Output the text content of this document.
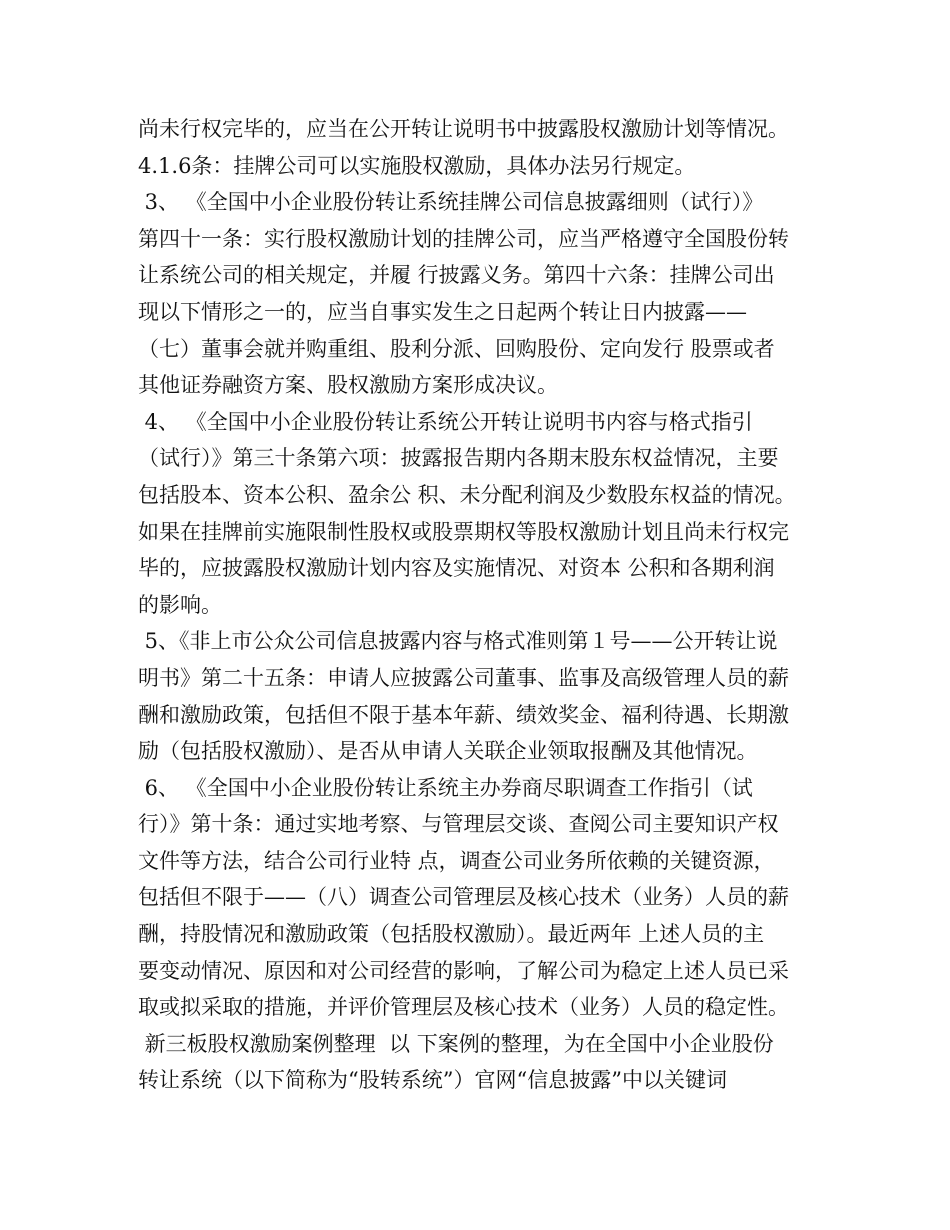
尚未行权完毕的，应当在公开转让说明书中披露股权激励计划等情况。
4.1.6条：挂牌公司可以实施股权激励，具体办法另行规定。
3、 《全国中小企业股份转让系统挂牌公司信息披露细则（试行）》
第四十一条：实行股权激励计划的挂牌公司，应当严格遵守全国股份转
让系统公司的相关规定，并履 行披露义务。第四十六条：挂牌公司出
现以下情形之一的，应当自事实发生之日起两个转让日内披露——
（七）董事会就并购重组、股利分派、回购股份、定向发行 股票或者
其他证券融资方案、股权激励方案形成决议。
4、 《全国中小企业股份转让系统公开转让说明书内容与格式指引
（试行）》第三十条第六项：披露报告期内各期末股东权益情况，主要
包括股本、资本公积、盈余公 积、未分配利润及少数股东权益的情况。
如果在挂牌前实施限制性股权或股票期权等股权激励计划且尚未行权完
毕的，应披露股权激励计划内容及实施情况、对资本 公积和各期利润
的影响。
5、《非上市公众公司信息披露内容与格式准则第１号——公开转让说
明书》第二十五条：申请人应披露公司董事、监事及高级管理人员的薪
酬和激励政策，包括但不限于基本年薪、绩效奖金、福利待遇、长期激
励（包括股权激励）、是否从申请人关联企业领取报酬及其他情况。
6、 《全国中小企业股份转让系统主办券商尽职调查工作指引（试
行）》第十条：通过实地考察、与管理层交谈、查阅公司主要知识产权
文件等方法，结合公司行业特 点，调查公司业务所依赖的关键资源，
包括但不限于——（八）调查公司管理层及核心技术（业务）人员的薪
酬，持股情况和激励政策（包括股权激励）。最近两年 上述人员的主
要变动情况、原因和对公司经营的影响，了解公司为稳定上述人员已采
取或拟采取的措施，并评价管理层及核心技术（业务）人员的稳定性。
新三板股权激励案例整理  以 下案例的整理，为在全国中小企业股份
转让系统（以下简称为“股转系统”）官网“信息披露”中以关键词
